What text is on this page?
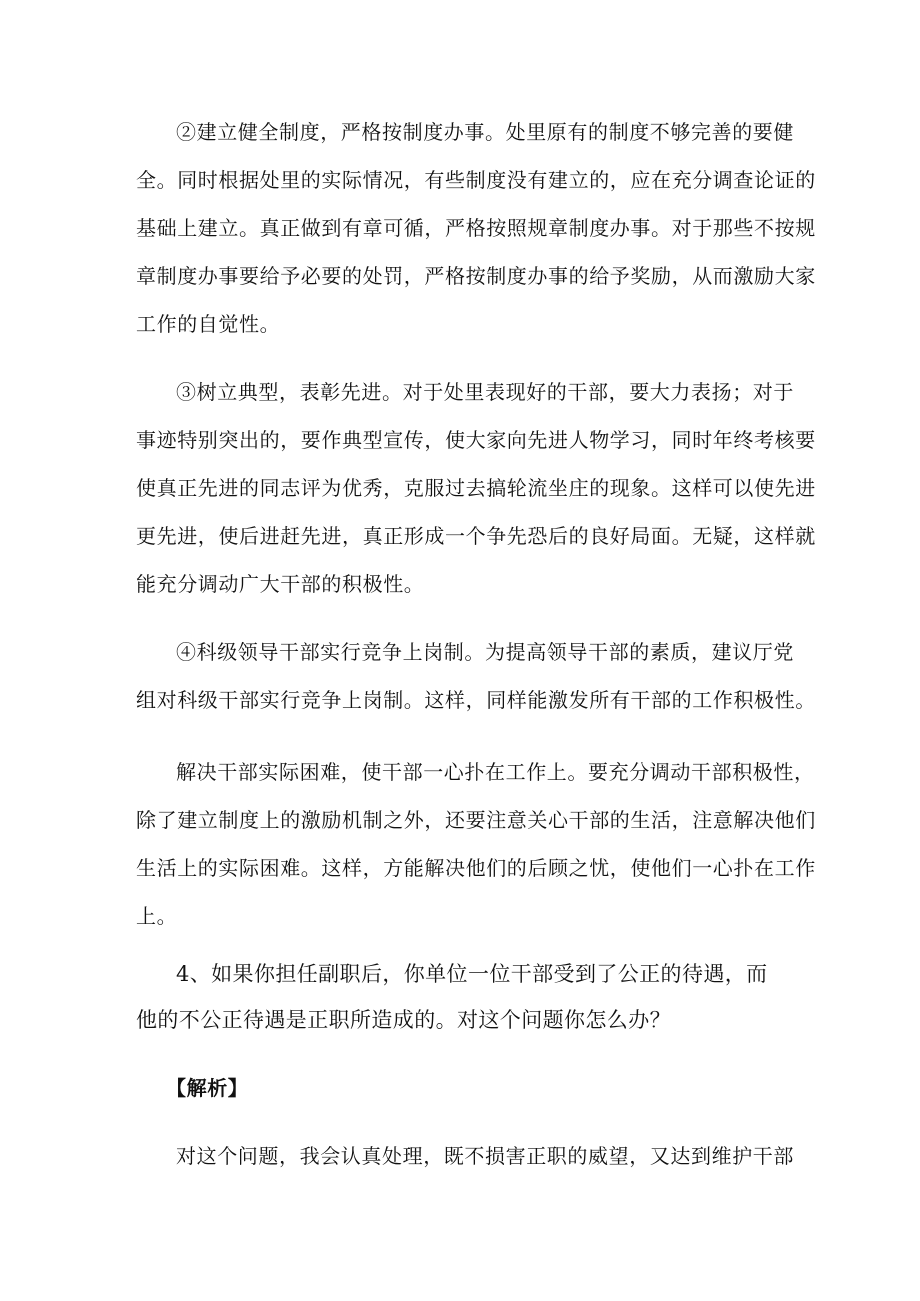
②建立健全制度，严格按制度办事。处里原有的制度不够完善的要健
全。同时根据处里的实际情况，有些制度没有建立的，应在充分调查论证的
基础上建立。真正做到有章可循，严格按照规章制度办事。对于那些不按规
章制度办事要给予必要的处罚，严格按制度办事的给予奖励，从而激励大家
工作的自觉性。
③树立典型，表彰先进。对于处里表现好的干部，要大力表扬；对于
事迹特别突出的，要作典型宣传，使大家向先进人物学习，同时年终考核要
使真正先进的同志评为优秀，克服过去搞轮流坐庄的现象。这样可以使先进
更先进，使后进赶先进，真正形成一个争先恐后的良好局面。无疑，这样就
能充分调动广大干部的积极性。
④科级领导干部实行竞争上岗制。为提高领导干部的素质，建议厅党
组对科级干部实行竞争上岗制。这样，同样能激发所有干部的工作积极性。
解决干部实际困难，使干部一心扑在工作上。要充分调动干部积极性，
除了建立制度上的激励机制之外，还要注意关心干部的生活，注意解决他们
生活上的实际困难。这样，方能解决他们的后顾之忧，使他们一心扑在工作
上。
4、如果你担任副职后，你单位一位干部受到了公正的待遇，而
他的不公正待遇是正职所造成的。对这个问题你怎么办？
【解析】
对这个问题，我会认真处理，既不损害正职的威望，又达到维护干部
